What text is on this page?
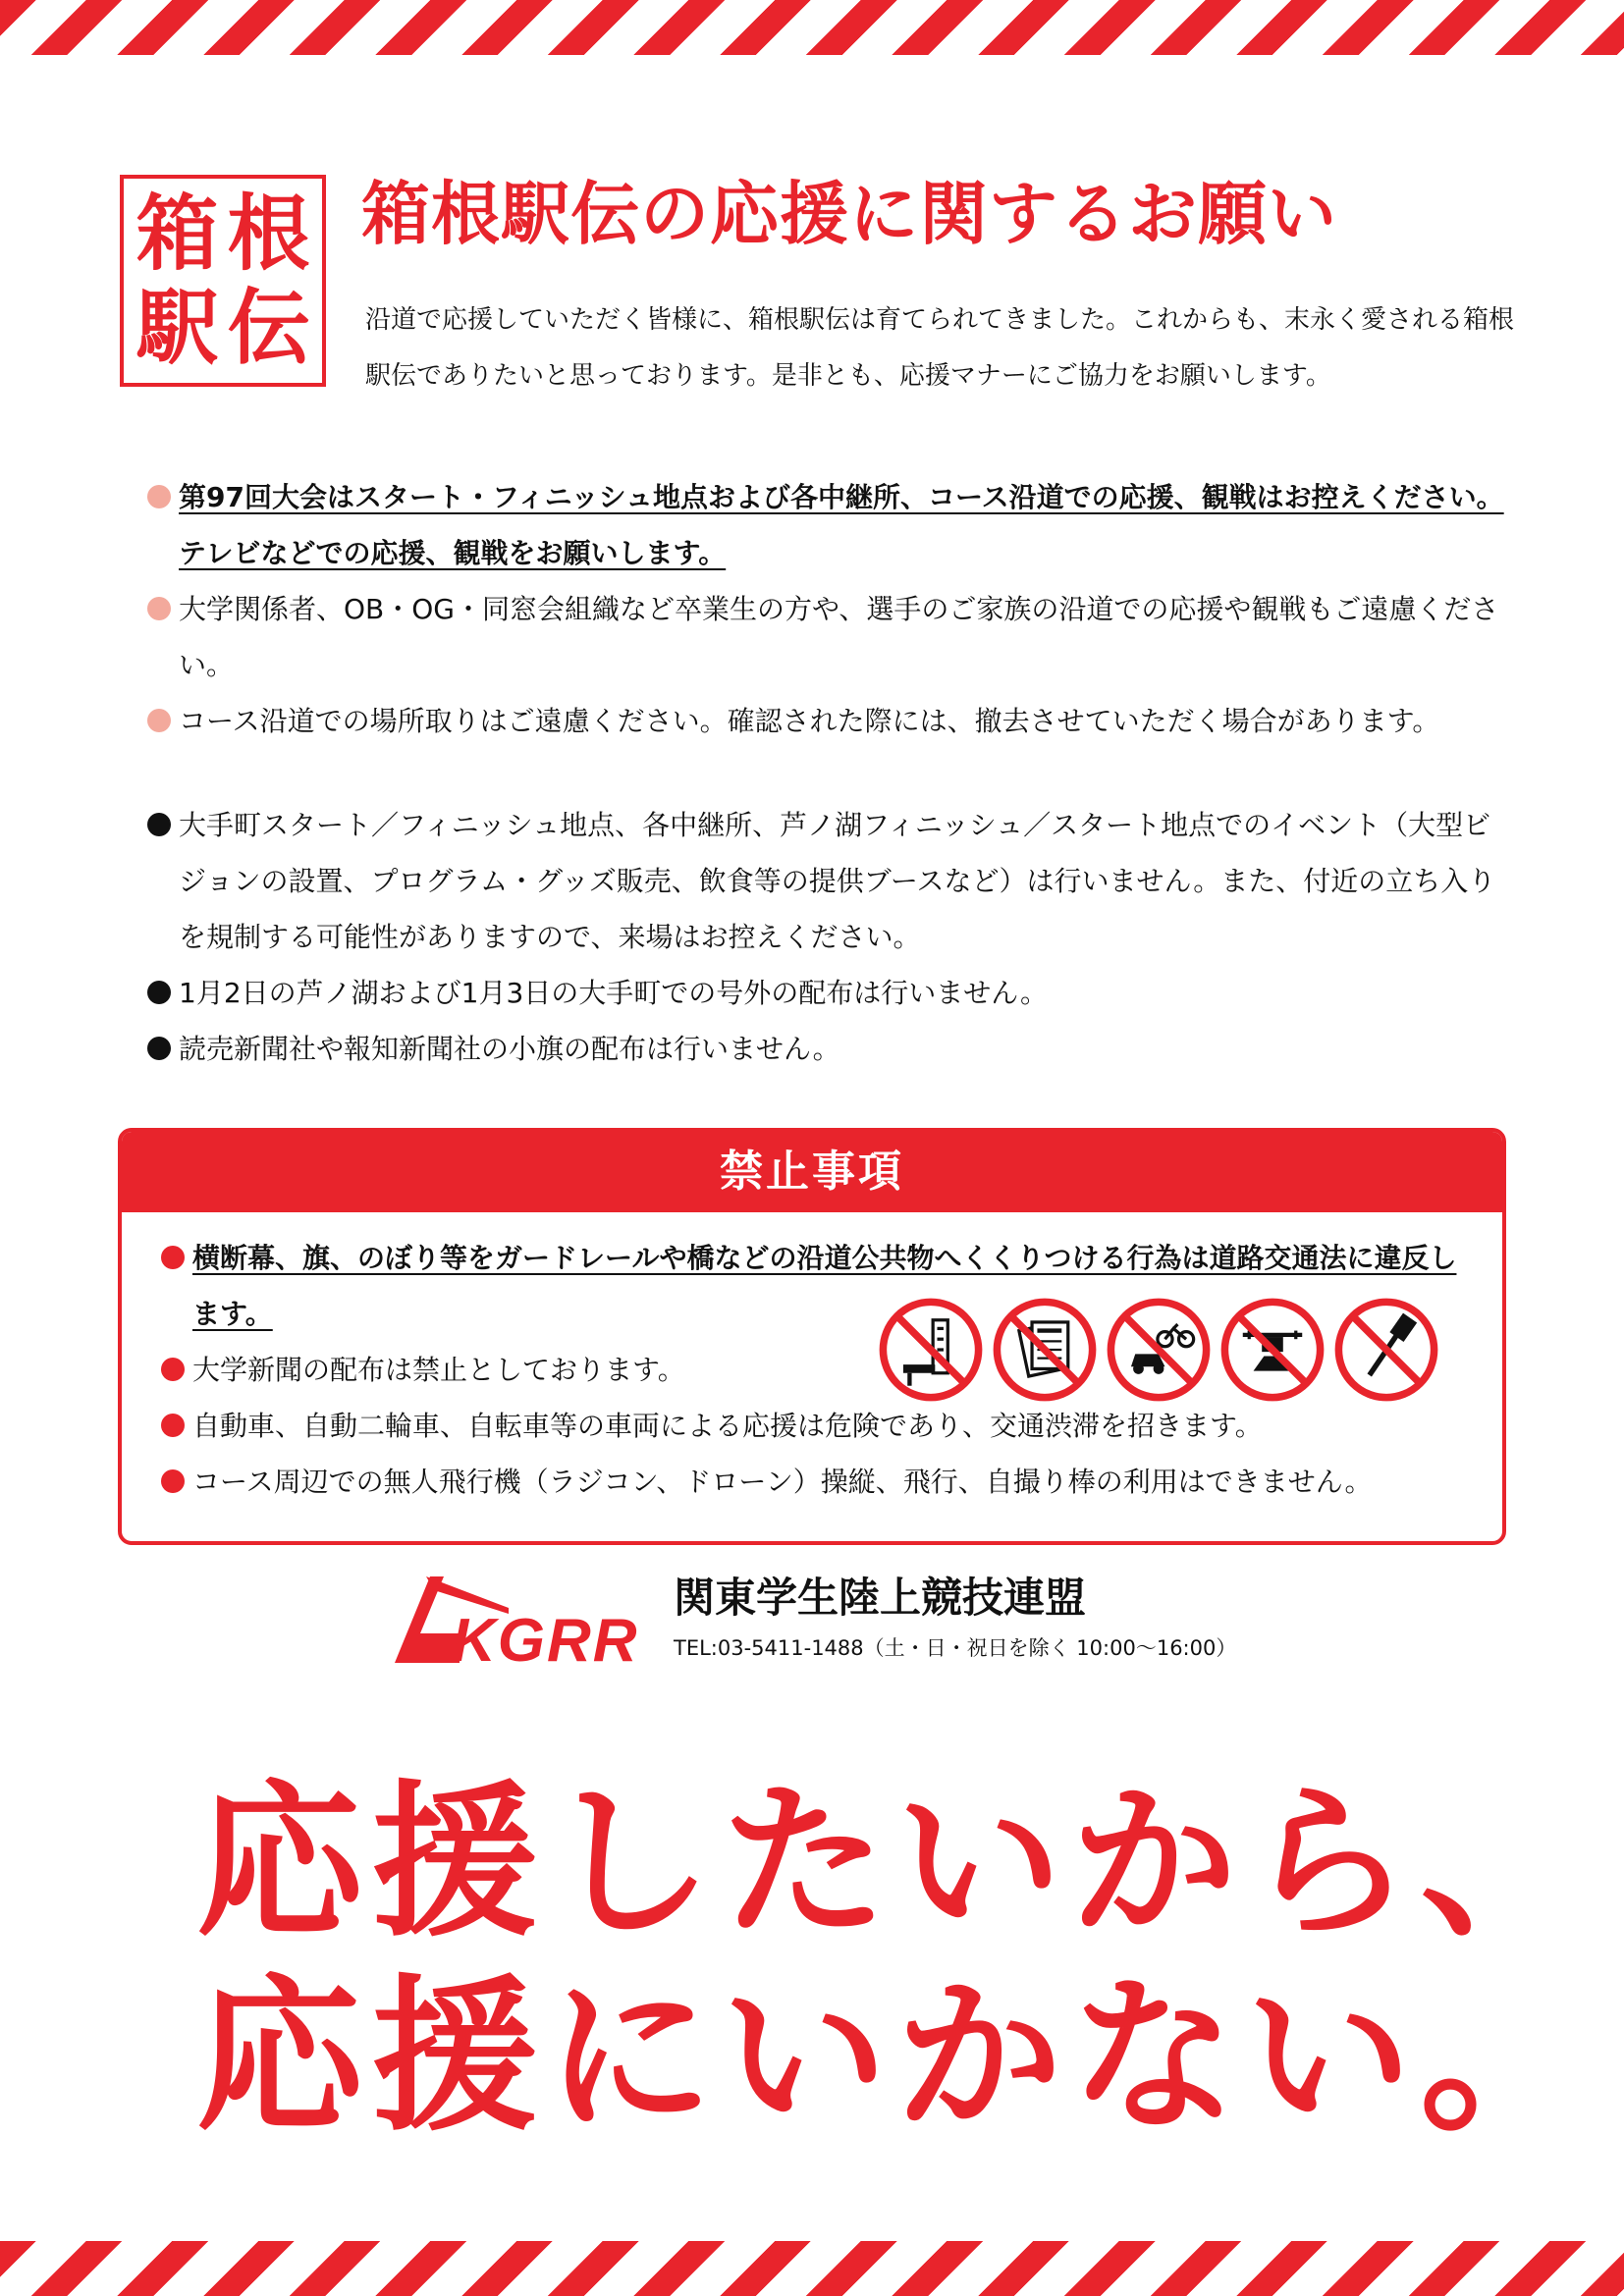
箱 根
駅 伝
箱根駅伝の応援に関するお願い

沿道で応援していただく皆様に、箱根駅伝は育てられてきました。これからも、末永く愛される箱根駅伝でありたいと思っております。是非とも、応援マナーにご協力をお願いします。

第97回大会はスタート・フィニッシュ地点および各中継所、コース沿道での応援、観戦はお控えください。テレビなどでの応援、観戦をお願いします。
大学関係者、OB・OG・同窓会組織など卒業生の方や、選手のご家族の沿道での応援や観戦もご遠慮ください。
コース沿道での場所取りはご遠慮ください。確認された際には、撤去させていただく場合があります。
大手町スタート／フィニッシュ地点、各中継所、芦ノ湖フィニッシュ／スタート地点でのイベント（大型ビジョンの設置、プログラム・グッズ販売、飲食等の提供ブースなど）は行いません。また、付近の立ち入りを規制する可能性がありますので、来場はお控えください。
1月2日の芦ノ湖および1月3日の大手町での号外の配布は行いません。
読売新聞社や報知新聞社の小旗の配布は行いません。
禁止事項
横断幕、旗、のぼり等をガードレールや橋などの沿道公共物へくくりつける行為は道路交通法に違反します。
大学新聞の配布は禁止としております。
自動車、自動二輪車、自転車等の車両による応援は危険であり、交通渋滞を招きます。
コース周辺での無人飛行機（ラジコン、ドローン）操縦、飛行、自撮り棒の利用はできません。
KGRR
関東学生陸上競技連盟
TEL:03-5411-1488（土・日・祝日を除く 10:00〜16:00）

応援したいから、

応援にいかない。
